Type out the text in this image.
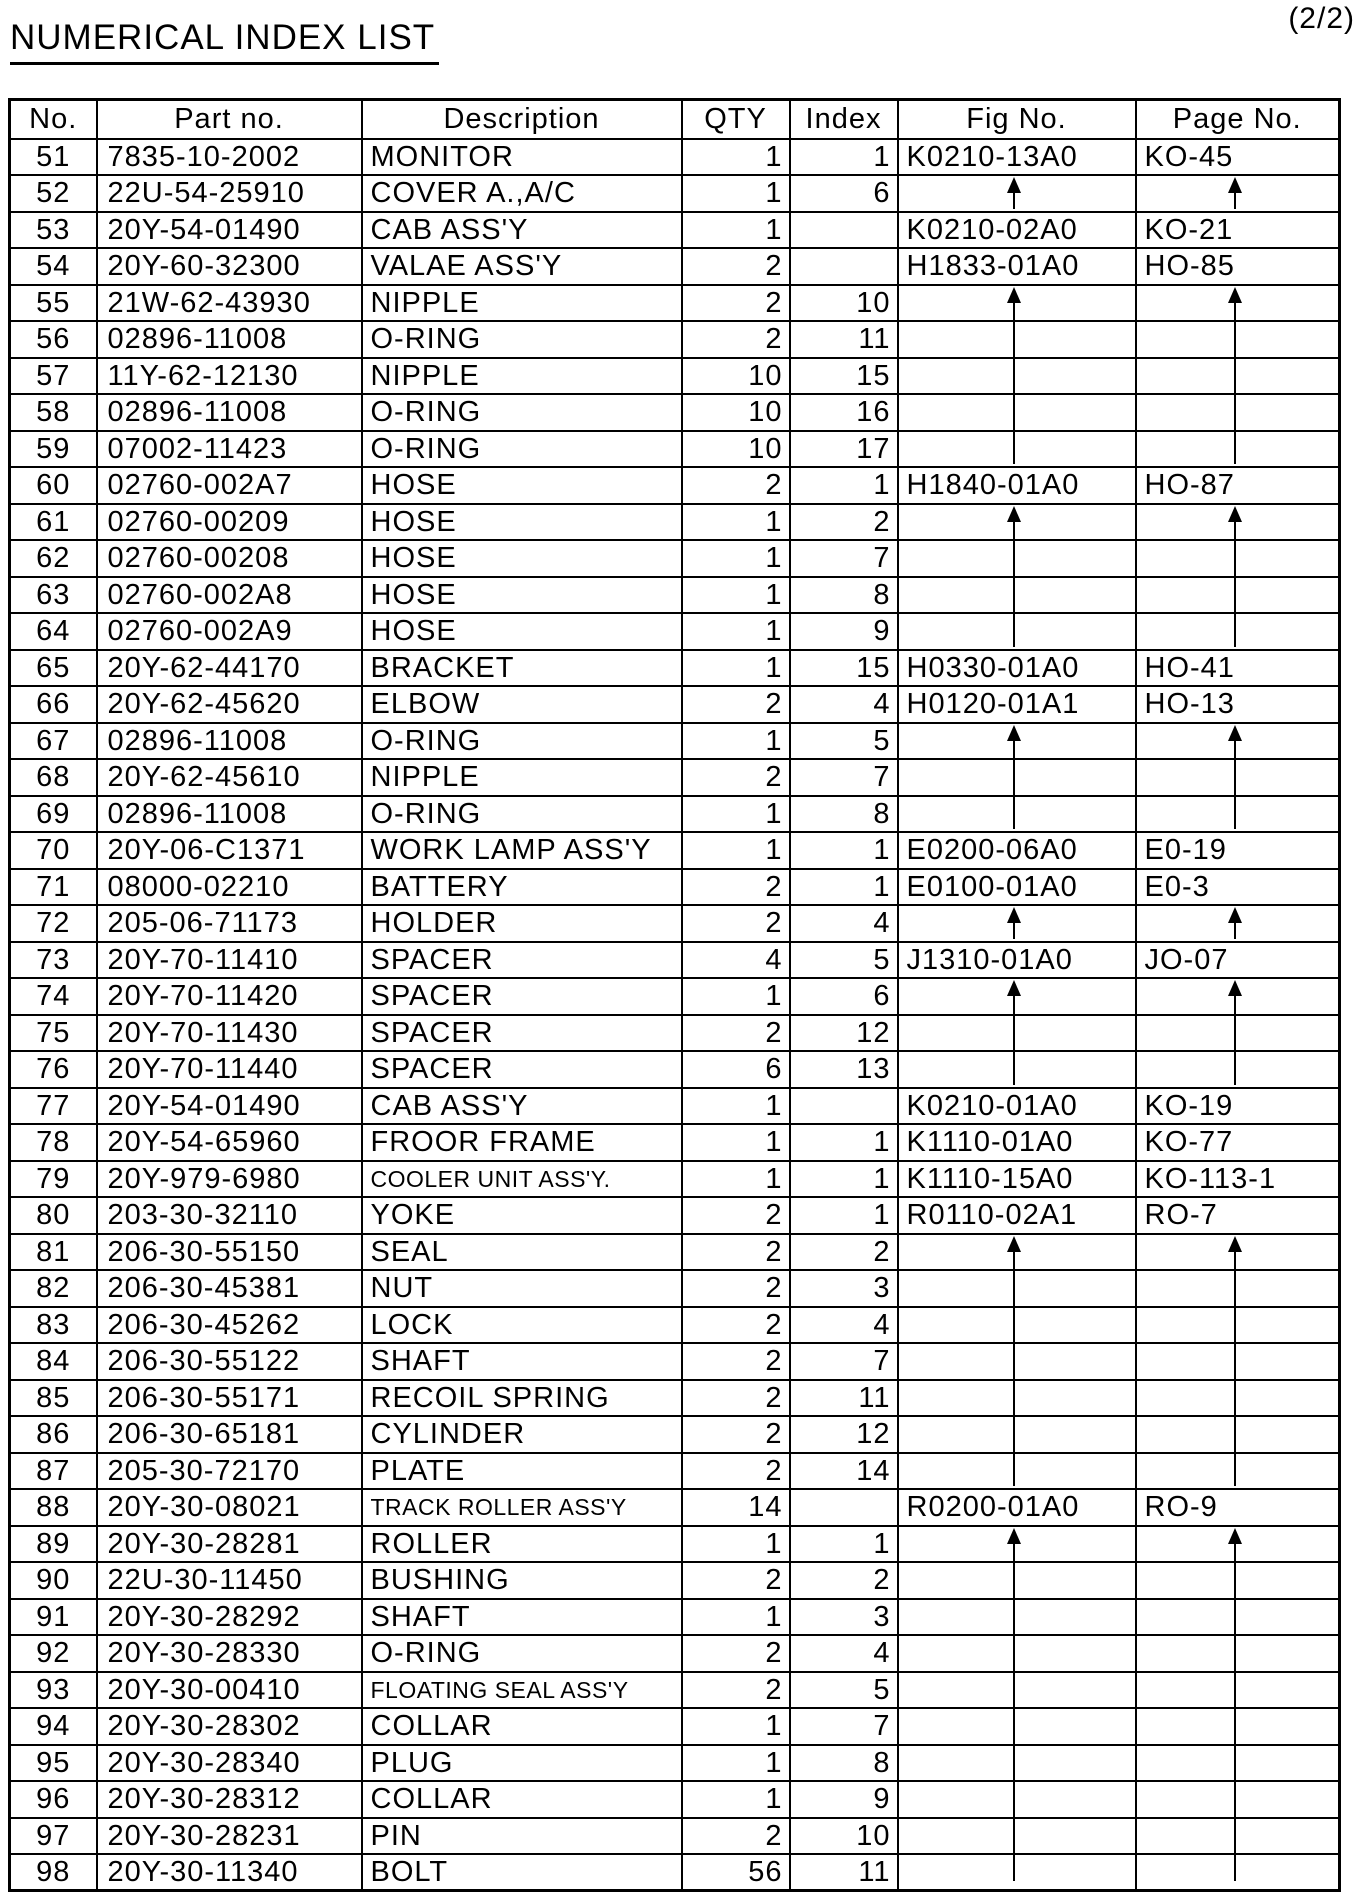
(2/2)
NUMERICAL INDEX LIST
No.	Part no.	Description	QTY	Index	Fig No.	Page No.
51	7835-10-2002	MONITOR	1	1	K0210-13A0	KO-45
52	22U-54-25910	COVER A.,A/C	1	6		
53	20Y-54-01490	CAB ASS'Y	1		K0210-02A0	KO-21
54	20Y-60-32300	VALAE ASS'Y	2		H1833-01A0	HO-85
55	21W-62-43930	NIPPLE	2	10		
56	02896-11008	O-RING	2	11		
57	11Y-62-12130	NIPPLE	10	15		
58	02896-11008	O-RING	10	16		
59	07002-11423	O-RING	10	17		
60	02760-002A7	HOSE	2	1	H1840-01A0	HO-87
61	02760-00209	HOSE	1	2		
62	02760-00208	HOSE	1	7		
63	02760-002A8	HOSE	1	8		
64	02760-002A9	HOSE	1	9		
65	20Y-62-44170	BRACKET	1	15	H0330-01A0	HO-41
66	20Y-62-45620	ELBOW	2	4	H0120-01A1	HO-13
67	02896-11008	O-RING	1	5		
68	20Y-62-45610	NIPPLE	2	7		
69	02896-11008	O-RING	1	8		
70	20Y-06-C1371	WORK LAMP ASS'Y	1	1	E0200-06A0	E0-19
71	08000-02210	BATTERY	2	1	E0100-01A0	E0-3
72	205-06-71173	HOLDER	2	4		
73	20Y-70-11410	SPACER	4	5	J1310-01A0	JO-07
74	20Y-70-11420	SPACER	1	6		
75	20Y-70-11430	SPACER	2	12		
76	20Y-70-11440	SPACER	6	13		
77	20Y-54-01490	CAB ASS'Y	1		K0210-01A0	KO-19
78	20Y-54-65960	FROOR FRAME	1	1	K1110-01A0	KO-77
79	20Y-979-6980	COOLER UNIT ASS'Y.	1	1	K1110-15A0	KO-113-1
80	203-30-32110	YOKE	2	1	R0110-02A1	RO-7
81	206-30-55150	SEAL	2	2		
82	206-30-45381	NUT	2	3		
83	206-30-45262	LOCK	2	4		
84	206-30-55122	SHAFT	2	7		
85	206-30-55171	RECOIL SPRING	2	11		
86	206-30-65181	CYLINDER	2	12		
87	205-30-72170	PLATE	2	14		
88	20Y-30-08021	TRACK ROLLER ASS'Y	14		R0200-01A0	RO-9
89	20Y-30-28281	ROLLER	1	1		
90	22U-30-11450	BUSHING	2	2		
91	20Y-30-28292	SHAFT	1	3		
92	20Y-30-28330	O-RING	2	4		
93	20Y-30-00410	FLOATING SEAL ASS'Y	2	5		
94	20Y-30-28302	COLLAR	1	7		
95	20Y-30-28340	PLUG	1	8		
96	20Y-30-28312	COLLAR	1	9		
97	20Y-30-28231	PIN	2	10		
98	20Y-30-11340	BOLT	56	11		
